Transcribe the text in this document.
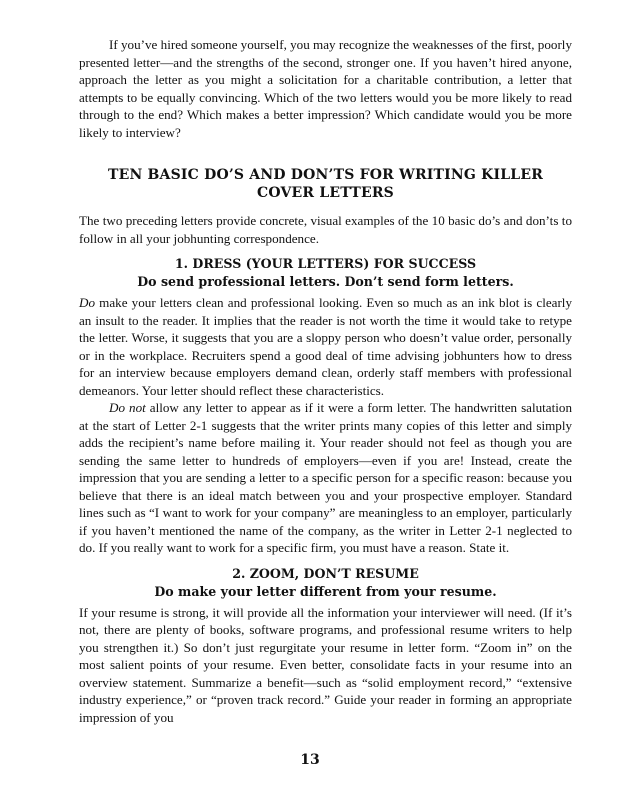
If you’ve hired someone yourself, you may recognize the weaknesses of the first, poorly presented letter—and the strengths of the second, stronger one. If you haven’t hired anyone, approach the letter as you might a solicitation for a charitable contribution, a letter that attempts to be equally convincing. Which of the two letters would you be more likely to read through to the end? Which makes a better impression? Which candidate would you be more likely to interview?

TEN BASIC DO’S AND DON’TS FOR WRITING KILLER
COVER LETTERS

The two preceding letters provide concrete, visual examples of the 10 basic do’s and don’ts to follow in all your jobhunting correspondence.

1. DRESS (YOUR LETTERS) FOR SUCCESS
Do send professional letters. Don’t send form letters.

Do make your letters clean and professional looking. Even so much as an ink blot is clearly an insult to the reader. It implies that the reader is not worth the time it would take to retype the letter. Worse, it suggests that you are a sloppy person who doesn’t value order, personally or in the workplace. Recruiters spend a good deal of time advising jobhunters how to dress for an interview because employers demand clean, orderly staff members with professional demeanors. Your letter should reflect these characteristics.

Do not allow any letter to appear as if it were a form letter. The handwritten salutation at the start of Letter 2-1 suggests that the writer prints many copies of this letter and simply adds the recipient’s name before mailing it. Your reader should not feel as though you are sending the same letter to hundreds of employers—even if you are! Instead, create the impression that you are sending a letter to a specific person for a specific reason: because you believe that there is an ideal match between you and your prospective employer. Standard lines such as “I want to work for your company” are meaningless to an employer, particularly if you haven’t mentioned the name of the company, as the writer in Letter 2-1 neglected to do. If you really want to work for a specific firm, you must have a reason. State it.

2. ZOOM, DON’T RESUME
Do make your letter different from your resume.

If your resume is strong, it will provide all the information your interviewer will need. (If it’s not, there are plenty of books, software programs, and professional resume writers to help you strengthen it.) So don’t just regurgitate your resume in letter form. “Zoom in” on the most salient points of your resume. Even better, consolidate facts in your resume into an overview statement. Summarize a benefit—such as “solid employment record,” “extensive industry experience,” or “proven track record.” Guide your reader in forming an appropriate impression of you

13
